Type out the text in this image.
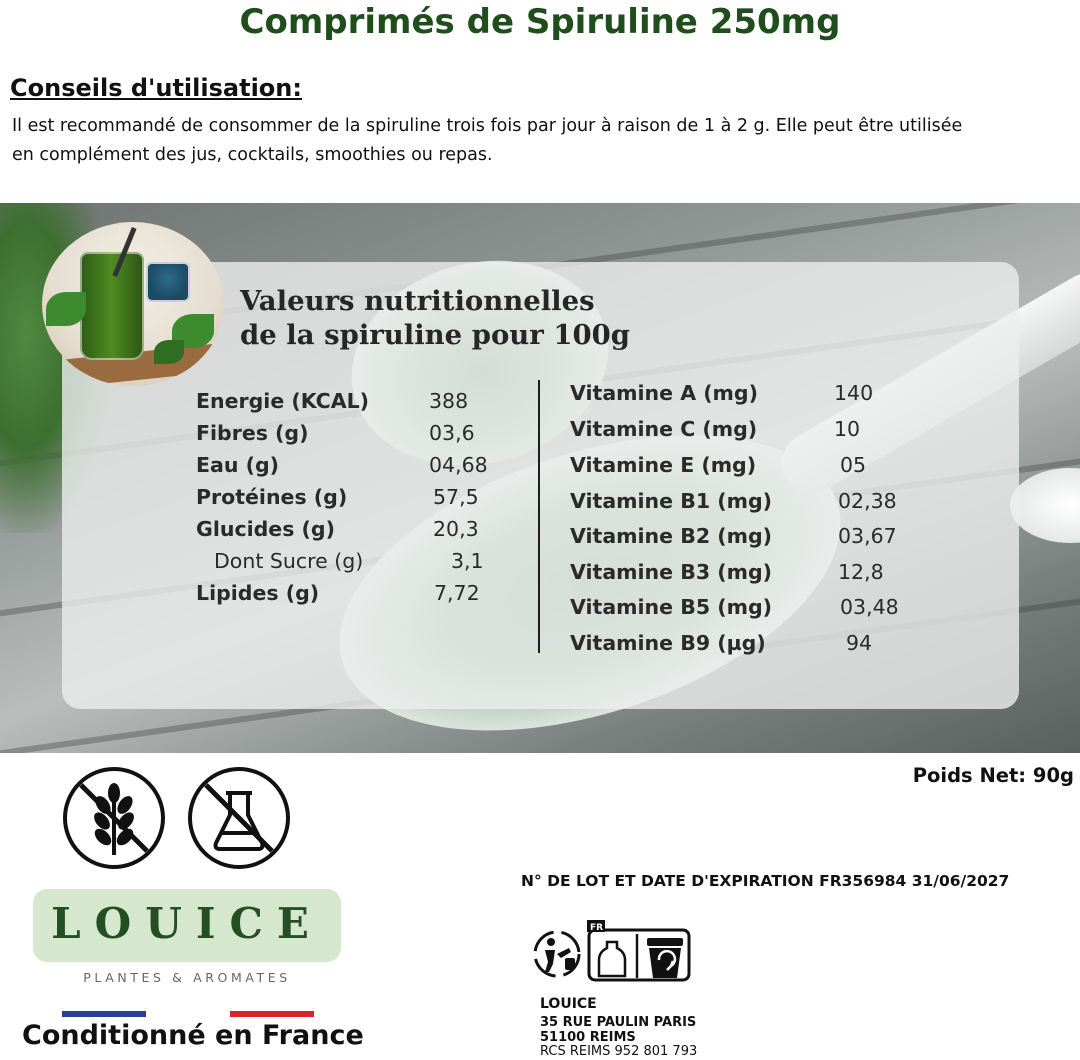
Comprimés de Spiruline 250mg
Conseils d'utilisation:
Il est recommandé de consommer de la spiruline trois fois par jour à raison de 1 à 2 g. Elle peut être utilisée
en complément des jus, cocktails, smoothies ou repas.
Valeurs nutritionnelles
de la spiruline pour 100g
Energie (KCAL)	388
Fibres (g)	03,6
Eau (g)	04,68
Protéines (g)	57,5
Glucides (g)	20,3
Dont Sucre (g)	3,1
Lipides (g)	7,72
Vitamine A (mg)	140
Vitamine C (mg)	10
Vitamine E (mg)	05
Vitamine B1 (mg)	02,38
Vitamine B2 (mg)	03,67
Vitamine B3 (mg)	12,8
Vitamine B5 (mg)	03,48
Vitamine B9 (µg)	94
Poids Net: 90g
LOUICE
PLANTES & AROMATES
Conditionné en France
N° DE LOT ET DATE D'EXPIRATION FR356984 31/06/2027
FR
LOUICE
35 RUE PAULIN PARIS
51100 REIMS
RCS REIMS 952 801 793
